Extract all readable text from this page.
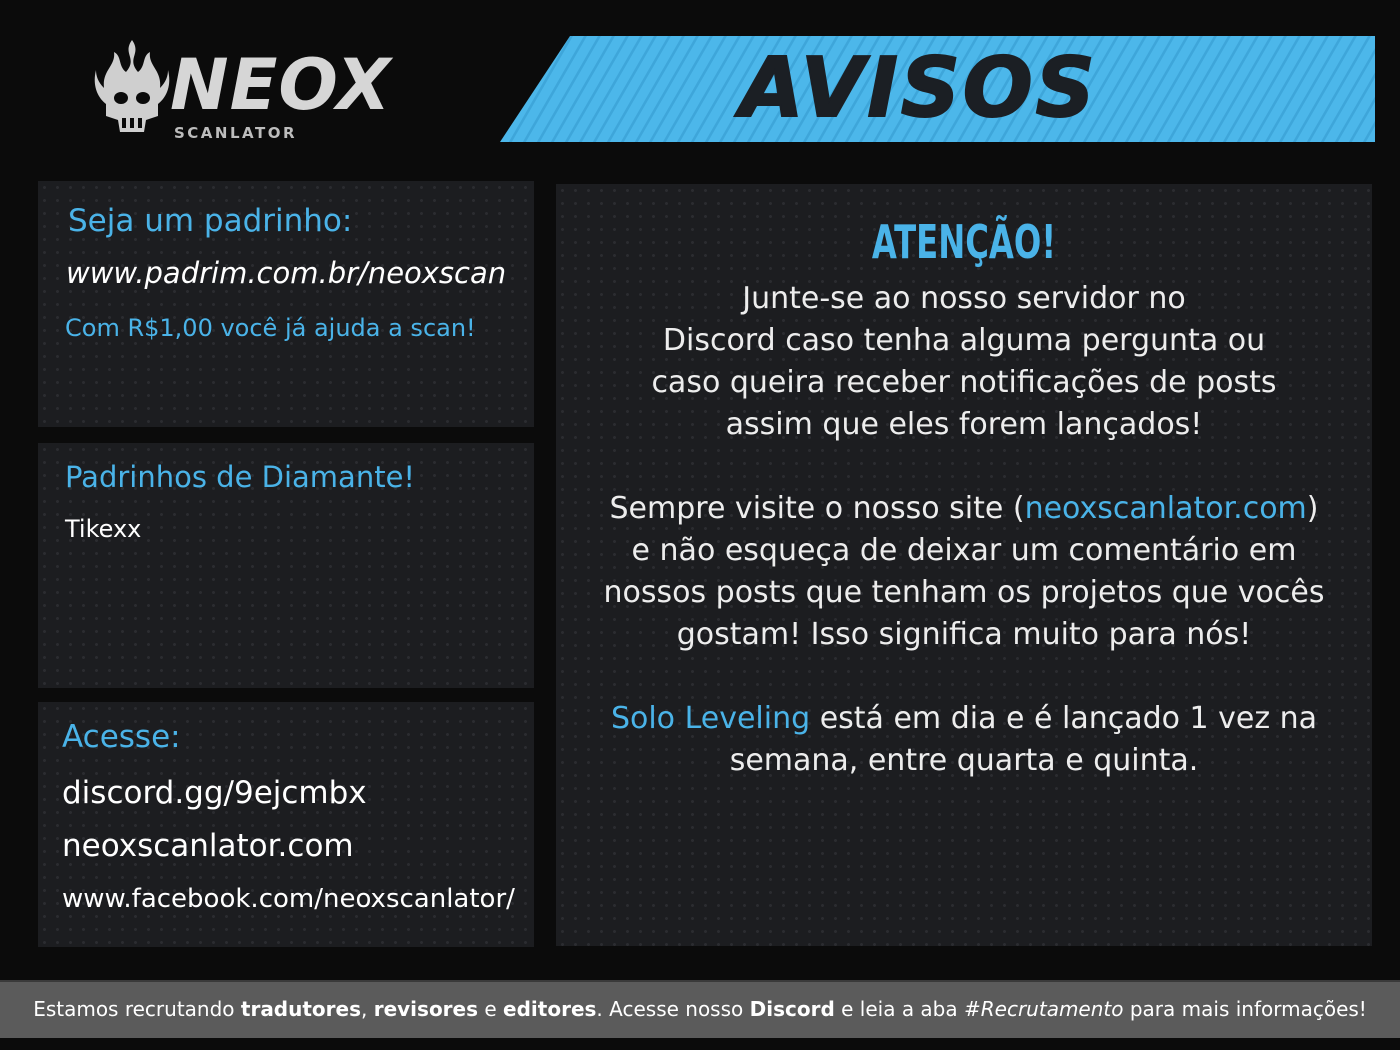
NEOX
SCANLATOR	AVISOS
Seja um padrinho:
www.padrim.com.br/neoxscan
Com R$1,00 você já ajuda a scan!
Padrinhos de Diamante!
Tikexx
Acesse:
discord.gg/9ejcmbx
neoxscanlator.com
www.facebook.com/neoxscanlator/
ATENÇÃO!
Junte-se ao nosso servidor no
Discord caso tenha alguma pergunta ou
caso queira receber notificações de posts
assim que eles forem lançados!
Sempre visite o nosso site (neoxscanlator.com)
e não esqueça de deixar um comentário em
nossos posts que tenham os projetos que vocês
gostam! Isso significa muito para nós!
Solo Leveling está em dia e é lançado 1 vez na
semana, entre quarta e quinta.
Estamos recrutando tradutores, revisores e editores. Acesse nosso Discord e leia a aba #Recrutamento para mais informações!
